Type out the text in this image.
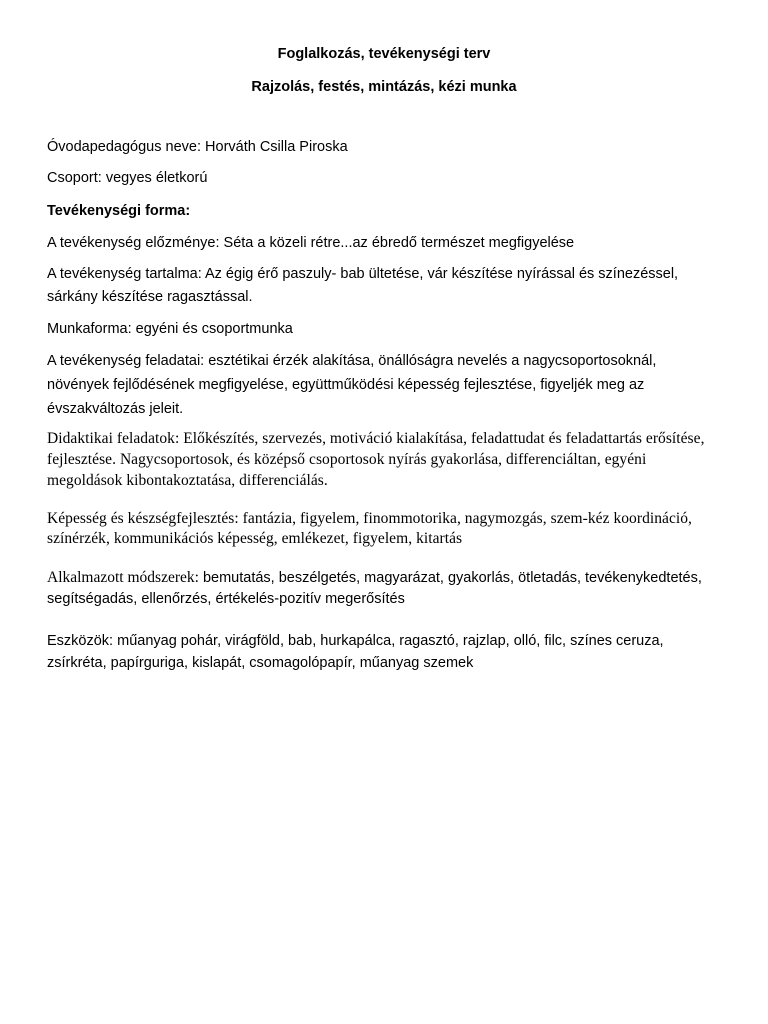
Foglalkozás, tevékenységi terv
Rajzolás, festés, mintázás, kézi munka
Óvodapedagógus neve: Horváth Csilla Piroska
Csoport: vegyes életkorú
Tevékenységi forma:
A tevékenység előzménye: Séta a közeli rétre...az ébredő természet megfigyelése
A tevékenység tartalma: Az égig érő paszuly- bab ültetése, vár készítése nyírással és színezéssel, sárkány készítése ragasztással.
Munkaforma: egyéni és csoportmunka
A tevékenység feladatai: esztétikai érzék alakítása, önállóságra nevelés a nagycsoportosoknál, növények fejlődésének megfigyelése, együttműködési képesség fejlesztése, figyeljék meg az évszakváltozás jeleit.
Didaktikai feladatok: Előkészítés, szervezés, motiváció kialakítása, feladattudat és feladattartás erősítése, fejlesztése. Nagycsoportosok, és középső csoportosok nyírás gyakorlása, differenciáltan, egyéni megoldások kibontakoztatása, differenciálás.
Képesség és készségfejlesztés: fantázia, figyelem, finommotorika, nagymozgás, szem-kéz koordináció, színérzék, kommunikációs képesség, emlékezet, figyelem, kitartás
Alkalmazott módszerek: bemutatás, beszélgetés, magyarázat, gyakorlás, ötletadás, tevékenykedtetés, segítségadás, ellenőrzés, értékelés-pozitív megerősítés
Eszközök: műanyag pohár, virágföld, bab, hurkapálca, ragasztó, rajzlap, olló, filc, színes ceruza, zsírkréta, papírguriga, kislapát, csomagolópapír, műanyag szemek
